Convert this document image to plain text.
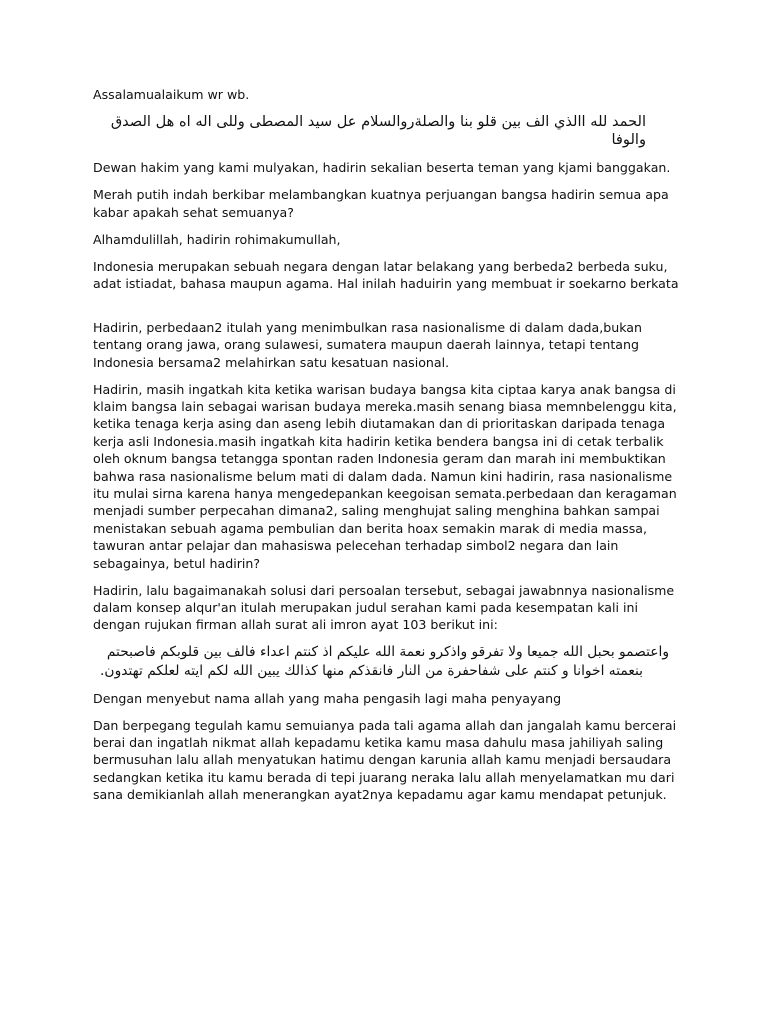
Assalamualaikum wr wb.

الحمد لله االذي الف بين قلو بنا والصلةروالسلام عل سيد المصطى وللى اله اه هل الصدق والوفا

Dewan hakim yang kami mulyakan, hadirin sekalian beserta teman yang kjami banggakan.

Merah putih indah berkibar melambangkan kuatnya perjuangan bangsa hadirin semua apa kabar apakah sehat semuanya?

Alhamdulillah, hadirin rohimakumullah,

Indonesia merupakan sebuah negara dengan latar belakang yang berbeda2 berbeda suku, adat istiadat, bahasa maupun agama. Hal inilah haduirin yang membuat ir soekarno berkata

Hadirin, perbedaan2 itulah yang menimbulkan rasa nasionalisme di dalam dada,bukan tentang orang jawa, orang sulawesi, sumatera maupun daerah lainnya, tetapi tentang Indonesia bersama2 melahirkan satu kesatuan nasional.

Hadirin, masih ingatkah kita ketika warisan budaya bangsa kita ciptaa karya anak bangsa di klaim bangsa lain sebagai warisan budaya mereka.masih senang biasa memnbelenggu kita, ketika tenaga kerja asing dan aseng lebih diutamakan dan di prioritaskan daripada tenaga kerja asli Indonesia.masih ingatkah kita hadirin ketika bendera bangsa ini di cetak terbalik oleh oknum bangsa tetangga spontan raden Indonesia geram dan marah ini membuktikan bahwa rasa nasionalisme belum mati di dalam dada. Namun kini hadirin, rasa nasionalisme itu mulai sirna karena hanya mengedepankan keegoisan semata.perbedaan dan keragaman menjadi sumber perpecahan dimana2, saling menghujat saling menghina bahkan sampai menistakan sebuah agama pembulian dan berita hoax semakin marak di media massa, tawuran antar pelajar dan mahasiswa pelecehan terhadap simbol2 negara dan lain sebagainya, betul hadirin?

Hadirin, lalu bagaimanakah solusi dari persoalan tersebut, sebagai jawabnnya nasionalisme dalam konsep alqur'an itulah merupakan judul serahan kami pada kesempatan kali ini dengan rujukan firman allah surat ali imron ayat 103 berikut ini:

واعتصمو بحبل الله جميعا ولا تفرقو واذكرو نعمة الله عليكم اذ كنتم اعداء فالف بين قلوبكم فاصبحتم
بنعمته اخوانا و كنتم على شفاحفرة من النار فانقذكم منها كذالك يبين الله لكم ايته لعلكم تهتدون.

Dengan menyebut nama allah yang maha pengasih lagi maha penyayang

Dan berpegang tegulah kamu semuianya pada tali agama allah dan jangalah kamu bercerai berai dan ingatlah nikmat allah kepadamu ketika kamu masa dahulu masa jahiliyah saling bermusuhan lalu allah menyatukan hatimu dengan karunia allah kamu menjadi bersaudara sedangkan ketika itu kamu berada di tepi juarang neraka lalu allah menyelamatkan mu dari sana demikianlah allah menerangkan ayat2nya kepadamu agar kamu mendapat petunjuk.
